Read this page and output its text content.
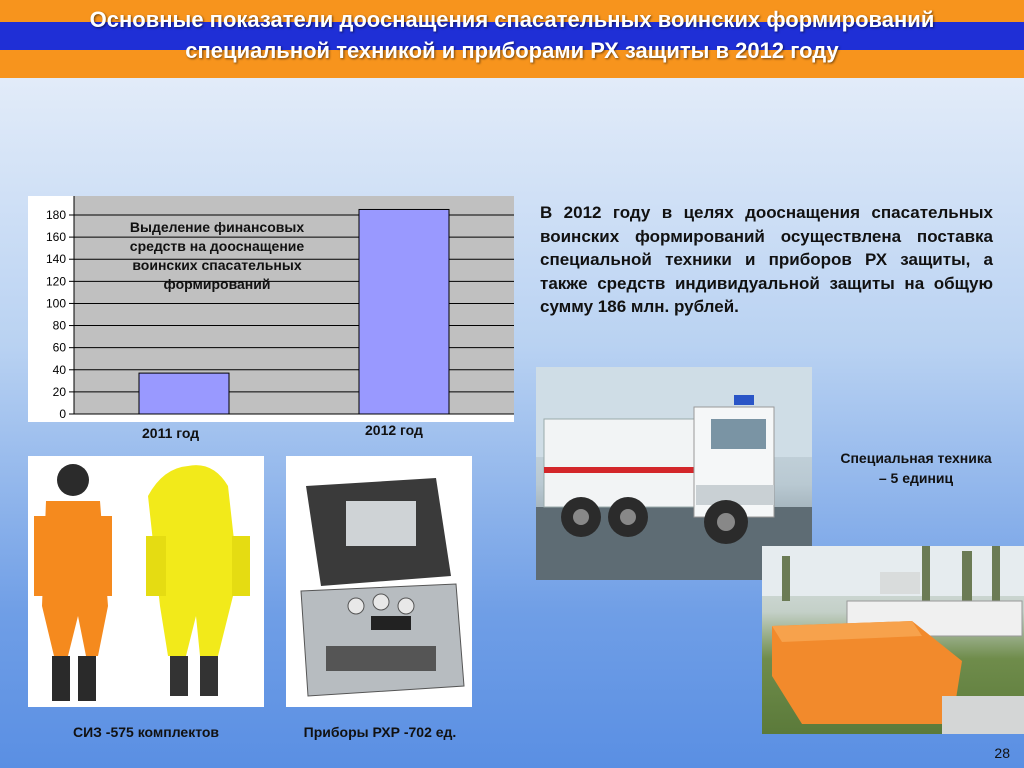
Основные показатели дооснащения спасательных воинских формирований
специальной техникой и приборами РХ защиты в 2012 году
0
20
40
60
80
100
120
140
160
180
Выделение финансовых
средств на дооснащение
воинских спасательных
формирований
2011 год	2012 год
В 2012 году в целях дооснащения спасательных воинских формирований осуществлена поставка специальной техники и приборов РХ защиты, а также средств индивидуальной защиты на общую сумму 186 млн. рублей.
Специальная техника
– 5 единиц
СИЗ -575 комплектов	Приборы РХР -702 ед.
28
